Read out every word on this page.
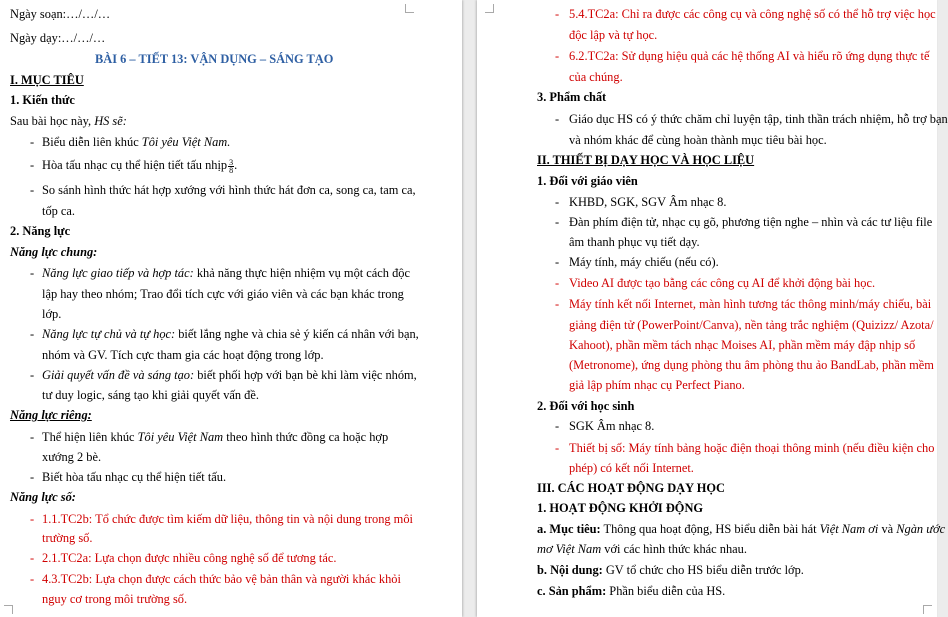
Ngày soạn:…/…/…
Ngày dạy:…/…/…
BÀI 6 – TIẾT 13: VẬN DỤNG – SÁNG TẠO
I. MỤC TIÊU
1. Kiến thức
Sau bài học này, HS sẽ:
- Biểu diễn liên khúc Tôi yêu Việt Nam.
- Hòa tấu nhạc cụ thể hiện tiết tấu nhịp $\frac{3}{8}$ .
- So sánh hình thức hát hợp xướng với hình thức hát đơn ca, song ca, tam ca,
tốp ca.
2. Năng lực
Năng lực chung:
- Năng lực giao tiếp và hợp tác: khả năng thực hiện nhiệm vụ một cách độc
lập hay theo nhóm; Trao đổi tích cực với giáo viên và các bạn khác trong
lớp.
- Năng lực tự chủ và tự học: biết lắng nghe và chia sẻ ý kiến cá nhân với bạn,
nhóm và GV. Tích cực tham gia các hoạt động trong lớp.
- Giải quyết vấn đề và sáng tạo: biết phối hợp với bạn bè khi làm việc nhóm,
tư duy logic, sáng tạo khi giải quyết vấn đề.
Năng lực riêng:
- Thể hiện liên khúc Tôi yêu Việt Nam theo hình thức đồng ca hoặc hợp
xướng 2 bè.
- Biết hòa tấu nhạc cụ thể hiện tiết tấu.
Năng lực số:
- 1.1.TC2b: Tổ chức được tìm kiếm dữ liệu, thông tin và nội dung trong môi
trường số.
- 2.1.TC2a: Lựa chọn được nhiều công nghệ số để tương tác.
- 4.3.TC2b: Lựa chọn được cách thức bảo vệ bản thân và người khác khỏi
nguy cơ trong môi trường số.
- 5.4.TC2a: Chỉ ra được các công cụ và công nghệ số có thể hỗ trợ việc học
độc lập và tự học.
- 6.2.TC2a: Sử dụng hiệu quả các hệ thống AI và hiểu rõ ứng dụng thực tế
của chúng.
3. Phẩm chất
- Giáo dục HS có ý thức chăm chỉ luyện tập, tinh thần trách nhiệm, hỗ trợ bạn
và nhóm khác để cùng hoàn thành mục tiêu bài học.
II. THIẾT BỊ DẠY HỌC VÀ HỌC LIỆU
1. Đối với giáo viên
- KHBD, SGK, SGV Âm nhạc 8.
- Đàn phím điện tử, nhạc cụ gõ, phương tiện nghe – nhìn và các tư liệu file
âm thanh phục vụ tiết dạy.
- Máy tính, máy chiếu (nếu có).
- Video AI được tạo bằng các công cụ AI để khởi động bài học.
- Máy tính kết nối Internet, màn hình tương tác thông minh/máy chiếu, bài
giảng điện tử (PowerPoint/Canva), nền tảng trắc nghiệm (Quizizz/ Azota/
Kahoot), phần mềm tách nhạc Moises AI, phần mềm máy đập nhịp số
(Metronome), ứng dụng phòng thu âm phòng thu ảo BandLab, phần mềm
giả lập phím nhạc cụ Perfect Piano.
2. Đối với học sinh
- SGK Âm nhạc 8.
- Thiết bị số: Máy tính bảng hoặc điện thoại thông minh (nếu điều kiện cho
phép) có kết nối Internet.
III. CÁC HOẠT ĐỘNG DẠY HỌC
1. HOẠT ĐỘNG KHỞI ĐỘNG
a. Mục tiêu: Thông qua hoạt động, HS biểu diễn bài hát Việt Nam ơi và Ngàn ước
mơ Việt Nam với các hình thức khác nhau.
b. Nội dung: GV tổ chức cho HS biểu diễn trước lớp.
c. Sản phẩm: Phần biểu diễn của HS.
